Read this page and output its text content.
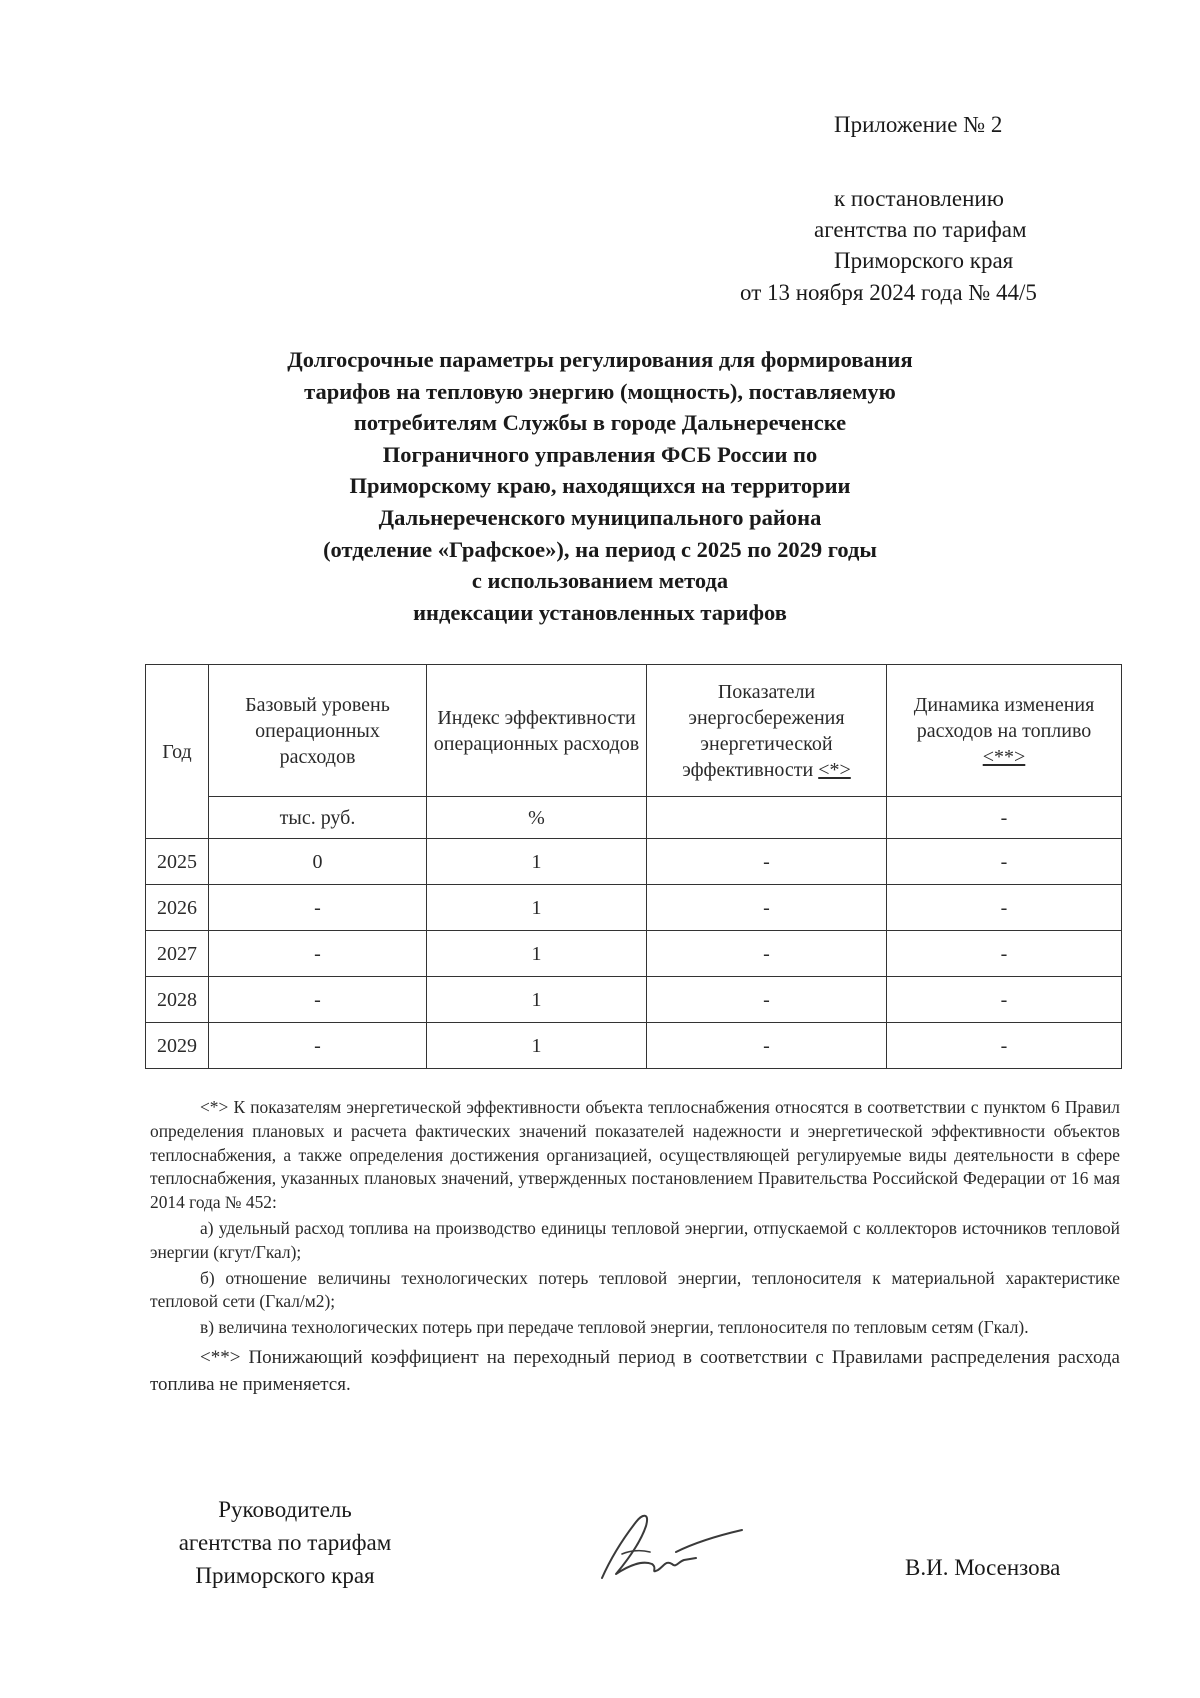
Приложение № 2
к постановлению
агентства по тарифам
Приморского края
от 13 ноября 2024 года № 44/5
Долгосрочные параметры регулирования для формирования
тарифов на тепловую энергию (мощность), поставляемую
потребителям Службы в городе Дальнереченске
Пограничного управления ФСБ России по
Приморскому краю, находящихся на территории
Дальнереченского муниципального района
(отделение «Графское»), на период с 2025 по 2029 годы
с использованием метода
индексации установленных тарифов
Год	Базовый уровень операционных расходов	Индекс эффективности операционных расходов	Показатели энергосбережения энергетической эффективности <*>	Динамика изменения расходов на топливо
<**>
	тыс. руб.	%		-
2025	0	1	-	-
2026	-	1	-	-
2027	-	1	-	-
2028	-	1	-	-
2029	-	1	-	-

<*> К показателям энергетической эффективности объекта теплоснабжения относятся в соответствии с пунктом 6 Правил определения плановых и расчета фактических значений показателей надежности и энергетической эффективности объектов теплоснабжения, а также определения достижения организацией, осуществляющей регулируемые виды деятельности в сфере теплоснабжения, указанных плановых значений, утвержденных постановлением Правительства Российской Федерации от 16 мая 2014 года № 452:

а) удельный расход топлива на производство единицы тепловой энергии, отпускаемой с коллекторов источников тепловой энергии (кгут/Гкал);

б) отношение величины технологических потерь тепловой энергии, теплоносителя к материальной характеристике тепловой сети (Гкал/м2);

в) величина технологических потерь при передаче тепловой энергии, теплоносителя по тепловым сетям (Гкал).

<**> Понижающий коэффициент на переходный период в соответствии с Правилами распределения расхода топлива не применяется.

Руководитель
агентства по тарифам
Приморского края	В.И. Мосензова
